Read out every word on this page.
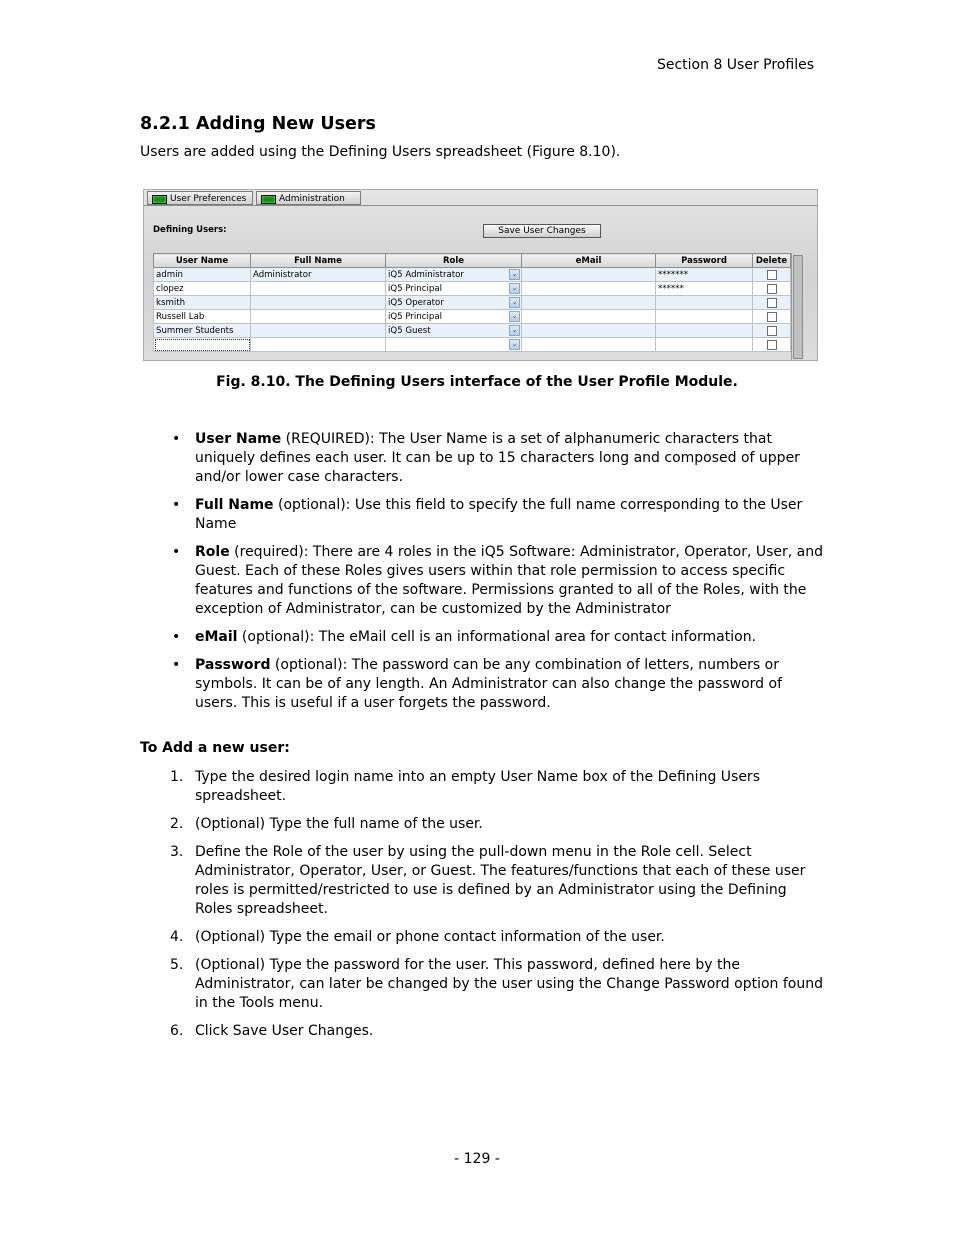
Section 8 User Profiles
8.2.1 Adding New Users
Users are added using the Defining Users spreadsheet (Figure 8.10).
User Preferences	Administration
Defining Users:	Save User Changes
User Name	Full Name	Role	eMail	Password	Delete
admin	Administrator	iQ5 Administrator ⌄		*******	

clopez		iQ5 Principal ⌄		******	

ksmith		iQ5 Operator ⌄			

Russell Lab		iQ5 Principal ⌄			

Summer Students		iQ5 Guest ⌄			

		⌄			

Fig. 8.10. The Defining Users interface of the User Profile Module.
• User Name (REQUIRED): The User Name is a set of alphanumeric characters that uniquely defines each user. It can be up to 15 characters long and composed of upper and/or lower case characters.
• Full Name (optional): Use this field to specify the full name corresponding to the User Name
• Role (required): There are 4 roles in the iQ5 Software: Administrator, Operator, User, and Guest. Each of these Roles gives users within that role permission to access specific features and functions of the software. Permissions granted to all of the Roles, with the exception of Administrator, can be customized by the Administrator
• eMail (optional): The eMail cell is an informational area for contact information.
• Password (optional): The password can be any combination of letters, numbers or symbols. It can be of any length. An Administrator can also change the password of users. This is useful if a user forgets the password.
To Add a new user:
1. Type the desired login name into an empty User Name box of the Defining Users spreadsheet.
2. (Optional) Type the full name of the user.
3. Define the Role of the user by using the pull-down menu in the Role cell. Select Administrator, Operator, User, or Guest. The features/functions that each of these user roles is permitted/restricted to use is defined by an Administrator using the Defining Roles spreadsheet.
4. (Optional) Type the email or phone contact information of the user.
5. (Optional) Type the password for the user. This password, defined here by the Administrator, can later be changed by the user using the Change Password option found in the Tools menu.
6. Click Save User Changes.
- 129 -
